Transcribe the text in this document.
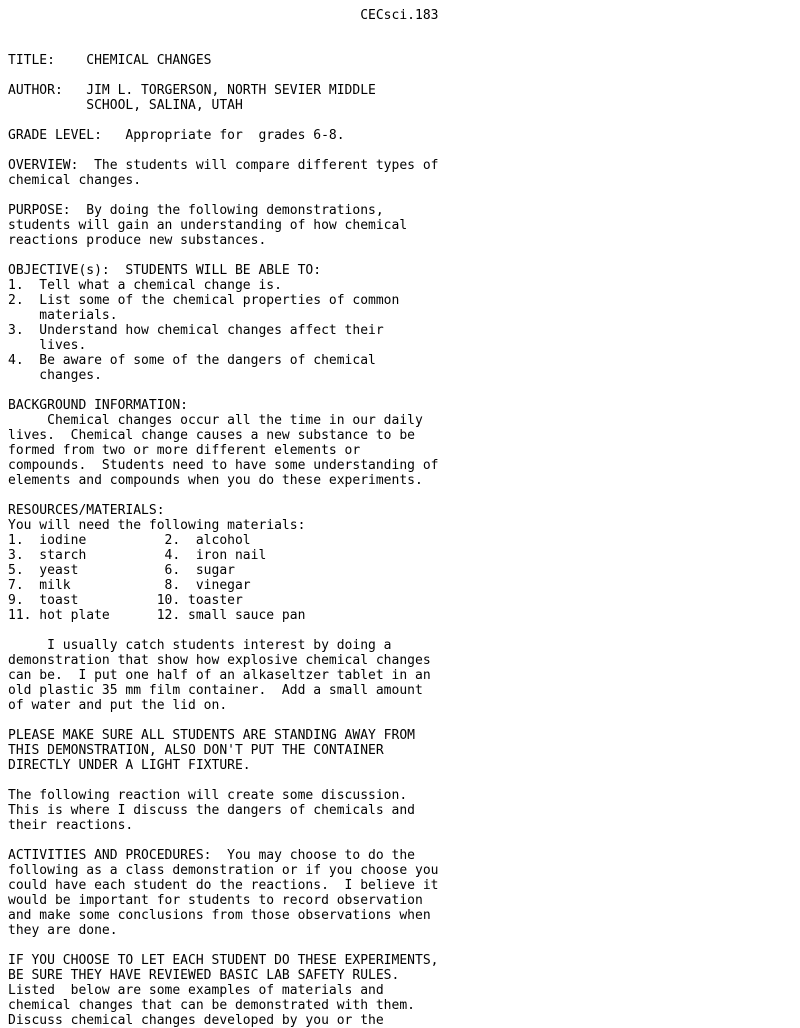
CECsci.183

TITLE:    CHEMICAL CHANGES

AUTHOR:   JIM L. TORGERSON, NORTH SEVIER MIDDLE
SCHOOL, SALINA, UTAH

GRADE LEVEL:   Appropriate for  grades 6-8.

OVERVIEW:  The students will compare different types of
chemical changes.

PURPOSE:  By doing the following demonstrations,
students will gain an understanding of how chemical
reactions produce new substances.

OBJECTIVE(s):  STUDENTS WILL BE ABLE TO:
1.  Tell what a chemical change is.
2.  List some of the chemical properties of common
materials.
3.  Understand how chemical changes affect their
lives.
4.  Be aware of some of the dangers of chemical
changes.

BACKGROUND INFORMATION:
Chemical changes occur all the time in our daily
lives.  Chemical change causes a new substance to be
formed from two or more different elements or
compounds.  Students need to have some understanding of
elements and compounds when you do these experiments.

RESOURCES/MATERIALS:
You will need the following materials:
1.  iodine          2.  alcohol
3.  starch          4.  iron nail
5.  yeast           6.  sugar
7.  milk            8.  vinegar
9.  toast          10. toaster
11. hot plate      12. small sauce pan

I usually catch students interest by doing a
demonstration that show how explosive chemical changes
can be.  I put one half of an alkaseltzer tablet in an
old plastic 35 mm film container.  Add a small amount
of water and put the lid on.

PLEASE MAKE SURE ALL STUDENTS ARE STANDING AWAY FROM
THIS DEMONSTRATION, ALSO DON'T PUT THE CONTAINER
DIRECTLY UNDER A LIGHT FIXTURE.

The following reaction will create some discussion.
This is where I discuss the dangers of chemicals and
their reactions.

ACTIVITIES AND PROCEDURES:  You may choose to do the
following as a class demonstration or if you choose you
could have each student do the reactions.  I believe it
would be important for students to record observation
and make some conclusions from those observations when
they are done.

IF YOU CHOOSE TO LET EACH STUDENT DO THESE EXPERIMENTS,
BE SURE THEY HAVE REVIEWED BASIC LAB SAFETY RULES.
Listed  below are some examples of materials and
chemical changes that can be demonstrated with them.
Discuss chemical changes developed by you or the
